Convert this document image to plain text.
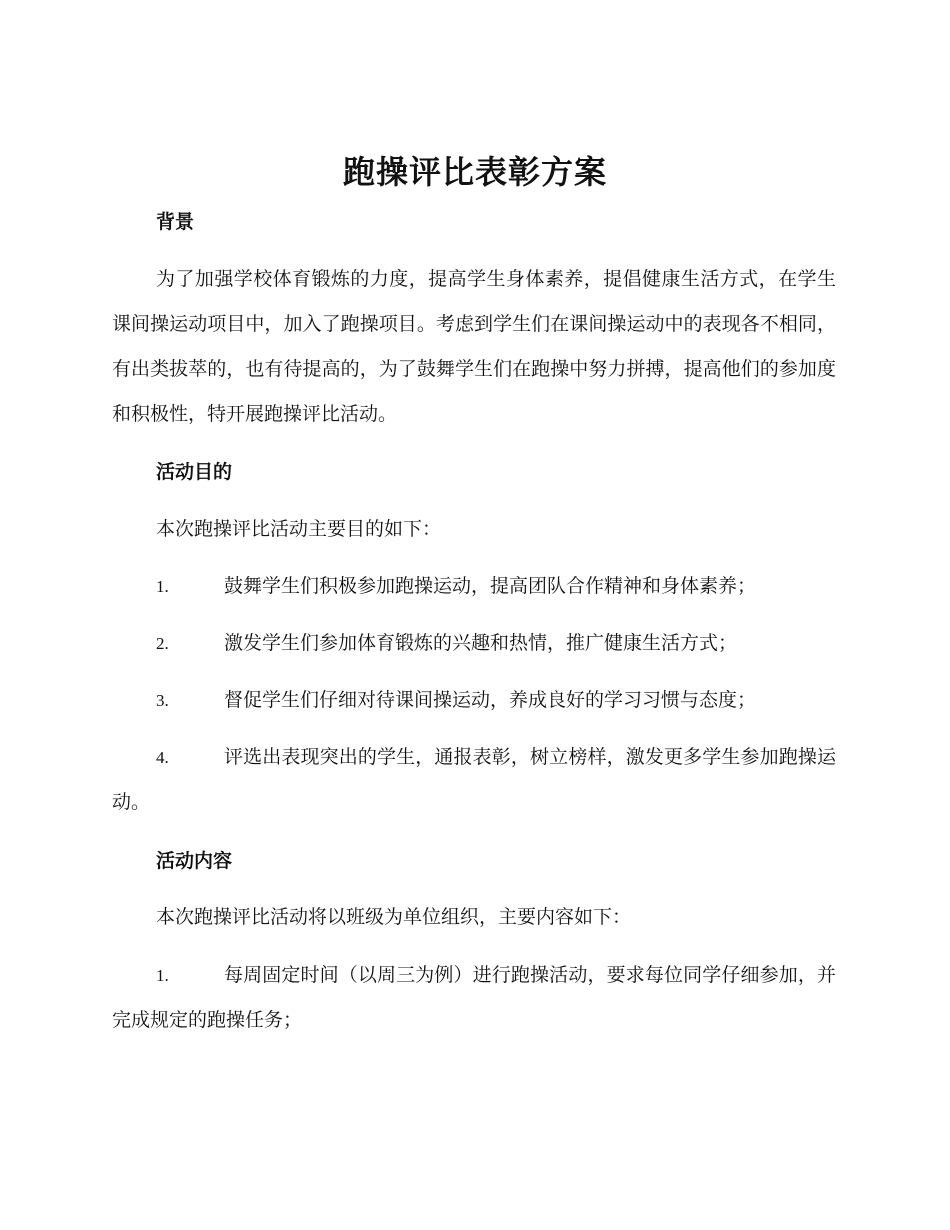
跑操评比表彰方案
背景
为了加强学校体育锻炼的力度，提高学生身体素养，提倡健康生活方式，在学生课间操运动项目中，加入了跑操项目。考虑到学生们在课间操运动中的表现各不相同，有出类拔萃的，也有待提高的，为了鼓舞学生们在跑操中努力拼搏，提高他们的参加度和积极性，特开展跑操评比活动。
活动目的
本次跑操评比活动主要目的如下：
1.	鼓舞学生们积极参加跑操运动，提高团队合作精神和身体素养；
2.	激发学生们参加体育锻炼的兴趣和热情，推广健康生活方式；
3.	督促学生们仔细对待课间操运动，养成良好的学习习惯与态度；
4.	评选出表现突出的学生，通报表彰，树立榜样，激发更多学生参加跑操运动。
活动内容
本次跑操评比活动将以班级为单位组织，主要内容如下：
1.	每周固定时间（以周三为例）进行跑操活动，要求每位同学仔细参加，并完成规定的跑操任务；
